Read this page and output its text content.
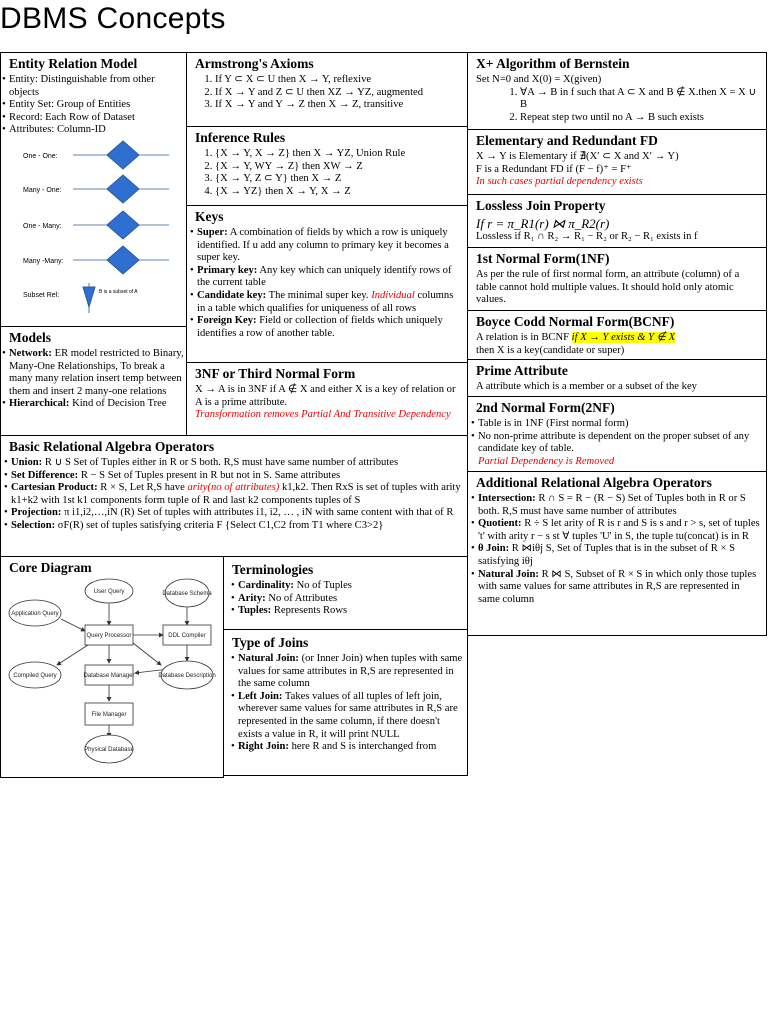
DBMS Concepts
Entity Relation Model
• Entity: Distinguishable from other objects
• Entity Set: Group of Entities
• Record: Each Row of Dataset
• Attributes: Column-ID
One - One:
Many - One:
One - Many:
Many -Many:
Subset Rel:	B is a subset of A
Models
• Network: ER model restricted to Binary, Many-One Relationships, To break a many many relation insert temp between them and insert 2 many-one relations
• Hierarchical: Kind of Decision Tree
Armstrong's Axioms
1. If Y ⊂ X ⊂ U then X → Y, reflexive
2. If X → Y and Z ⊂ U then XZ → YZ, augmented
3. If X → Y and Y → Z then X → Z, transitive
Inference Rules
1. {X → Y, X → Z} then X → YZ, Union Rule
2. {X → Y, WY → Z} then XW → Z
3. {X → Y, Z ⊂ Y} then X → Z
4. {X → YZ} then X → Y, X → Z
Keys
• Super: A combination of fields by which a row is uniquely identified. If u add any column to primary key it becomes a super key.
• Primary key: Any key which can uniquely identify rows of the current table
• Candidate key: The minimal super key. Individual columns in a table which qualifies for uniqueness of all rows
• Foreign Key: Field or collection of fields which uniquely identifies a row of another table.
3NF or Third Normal Form
X → A is in 3NF if A ∉ X and either X is a key of relation or A is a prime attribute.
Transformation removes Partial And Transitive Dependency
X+ Algorithm of Bernstein
Set N=0 and X(0) = X(given)
1. ∀A → B in f such that A ⊂ X and B ∉ X.then X = X ∪ B
2. Repeat step two until no A → B such exists
Elementary and Redundant FD
X → Y is Elementary if ∄(X′ ⊂ X and X′ → Y)
F is a Redundant FD if (F − f)⁺ = F⁺
In such cases partial dependency exists
Lossless Join Property
If r = π_R1(r) ⋈ π_R2(r)
Lossless if R₁ ∩ R₂ → R₁ − R₂ or R₂ − R₁ exists in f
1st Normal Form(1NF)
As per the rule of first normal form, an attribute (column) of a table cannot hold multiple values. It should hold only atomic values.
Boyce Codd Normal Form(BCNF)
A relation is in BCNF if X → Y exists & Y ∉ X
then X is a key(candidate or super)
Prime Attribute
A attribute which is a member or a subset of the key
2nd Normal Form(2NF)
• Table is in 1NF (First normal form)
• No non-prime attribute is dependent on the proper subset of any candidate key of table.
Partial Dependency is Removed
Basic Relational Algebra Operators
• Union: R ∪ S Set of Tuples either in R or S both. R,S must have same number of attributes
• Set Difference: R − S Set of Tuples present in R but not in S. Same attributes
• Cartesian Product: R × S, Let R,S have arity(no of attributes) k1,k2. Then RxS is set of tuples with arity k1+k2 with 1st k1 components form tuple of R and last k2 components tuples of S
• Projection: π i1,i2,…,iN (R) Set of tuples with attributes i1, i2, … , iN with same content with that of R
• Selection: σF(R) set of tuples satisfying criteria F {Select C1,C2 from T1 where C3>2}
Additional Relational Algebra Operators
• Intersection: R ∩ S = R − (R − S) Set of Tuples both in R or S both. R,S must have same number of attributes
• Quotient: R ÷ S let arity of R is r and S is s and r > s, set of tuples 't' with arity r − s st ∀ tuples 'U' in S, the tuple tu(concat) is in R
• θ Join: R ⋈iθj S, Set of Tuples that is in the subset of R × S satisfying iθj
• Natural Join: R ⋈ S, Subset of R × S in which only those tuples with same values for same attributes in R,S are represented in same column
Core Diagram
User Query	Database Schema
Application Query
Query Processor	DDL Compiler
Compiled Query	Database Manager	Database Description
File Manager
Physical Database
Terminologies
• Cardinality: No of Tuples
• Arity: No of Attributes
• Tuples: Represents Rows
Type of Joins
• Natural Join: (or Inner Join) when tuples with same values for same attributes in R,S are represented in the same column
• Left Join: Takes values of all tuples of left join, wherever same values for same attributes in R,S are represented in the same column, if there doesn't exists a value in R, it will print NULL
• Right Join: here R and S is interchanged from
